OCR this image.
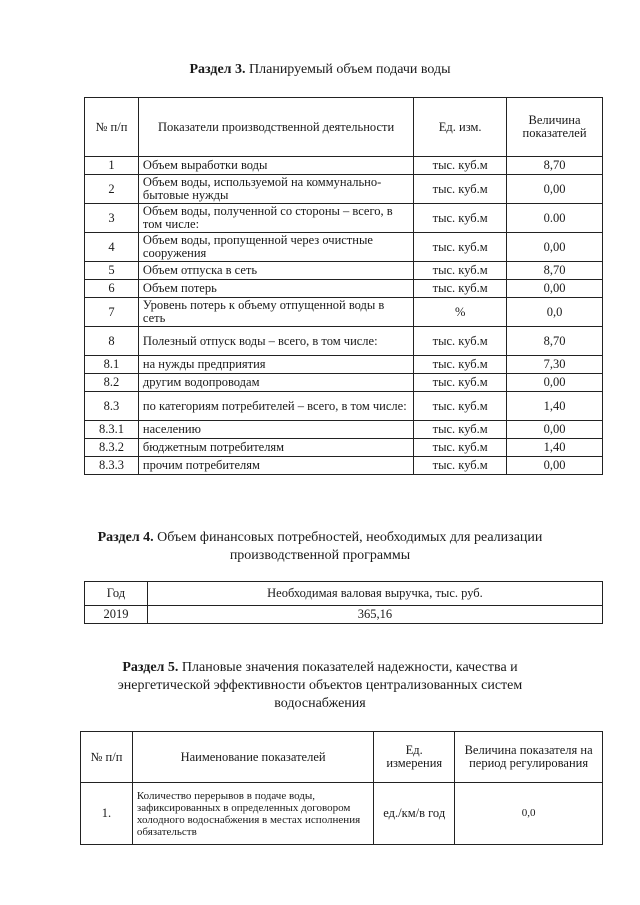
Раздел 3. Планируемый объем подачи воды
№ п/п	Показатели производственной деятельности	Ед. изм.	Величина показателей
1	Объем выработки воды	тыс. куб.м	8,70
2	Объем воды, используемой на коммунально-бытовые нужды	тыс. куб.м	0,00
3	Объем воды, полученной со стороны – всего, в том числе:	тыс. куб.м	0.00
4	Объем воды, пропущенной через очистные сооружения	тыс. куб.м	0,00
5	Объем отпуска в сеть	тыс. куб.м	8,70
6	Объем потерь	тыс. куб.м	0,00
7	Уровень потерь к объему отпущенной воды в сеть	%	0,0
8	Полезный отпуск воды – всего, в том числе:	тыс. куб.м	8,70
8.1	на нужды предприятия	тыс. куб.м	7,30
8.2	другим водопроводам	тыс. куб.м	0,00
8.3	по категориям потребителей – всего, в том числе:	тыс. куб.м	1,40
8.3.1	населению	тыс. куб.м	0,00
8.3.2	бюджетным потребителям	тыс. куб.м	1,40
8.3.3	прочим потребителям	тыс. куб.м	0,00
Раздел 4. Объем финансовых потребностей, необходимых для реализации
производственной программы
Год	Необходимая валовая выручка, тыс. руб.
2019	365,16
Раздел 5. Плановые значения показателей надежности, качества и
энергетической эффективности объектов централизованных систем
водоснабжения
№ п/п	Наименование показателей	Ед. измерения	Величина показателя на период регулирования
1.	Количество перерывов в подаче воды, зафиксированных в определенных договором холодного водоснабжения в местах исполнения обязательств	ед./км/в год	0,0
